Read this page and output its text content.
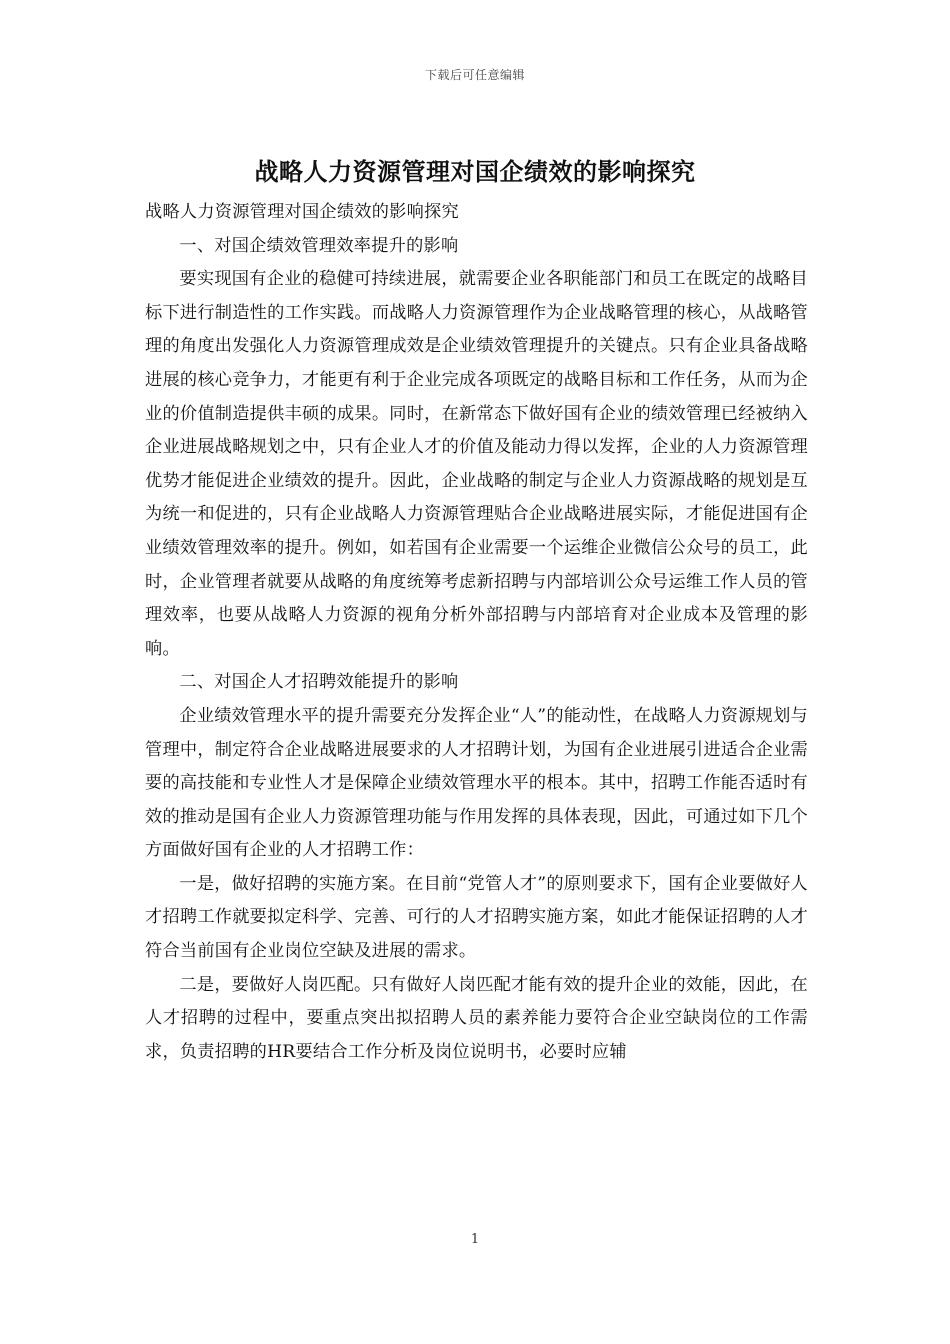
下载后可任意编辑
战略人力资源管理对国企绩效的影响探究

战略人力资源管理对国企绩效的影响探究

一、对国企绩效管理效率提升的影响

要实现国有企业的稳健可持续进展，就需要企业各职能部门和员工在既定的战略目标下进行制造性的工作实践。而战略人力资源管理作为企业战略管理的核心，从战略管理的角度出发强化人力资源管理成效是企业绩效管理提升的关键点。只有企业具备战略进展的核心竞争力，才能更有利于企业完成各项既定的战略目标和工作任务，从而为企业的价值制造提供丰硕的成果。同时，在新常态下做好国有企业的绩效管理已经被纳入企业进展战略规划之中，只有企业人才的价值及能动力得以发挥，企业的人力资源管理优势才能促进企业绩效的提升。因此，企业战略的制定与企业人力资源战略的规划是互为统一和促进的，只有企业战略人力资源管理贴合企业战略进展实际，才能促进国有企业绩效管理效率的提升。例如，如若国有企业需要一个运维企业微信公众号的员工，此时，企业管理者就要从战略的角度统筹考虑新招聘与内部培训公众号运维工作人员的管理效率，也要从战略人力资源的视角分析外部招聘与内部培育对企业成本及管理的影响。

二、对国企人才招聘效能提升的影响

企业绩效管理水平的提升需要充分发挥企业“人”的能动性，在战略人力资源规划与管理中，制定符合企业战略进展要求的人才招聘计划，为国有企业进展引进适合企业需要的高技能和专业性人才是保障企业绩效管理水平的根本。其中，招聘工作能否适时有效的推动是国有企业人力资源管理功能与作用发挥的具体表现，因此，可通过如下几个方面做好国有企业的人才招聘工作：

一是，做好招聘的实施方案。在目前“党管人才”的原则要求下，国有企业要做好人才招聘工作就要拟定科学、完善、可行的人才招聘实施方案，如此才能保证招聘的人才符合当前国有企业岗位空缺及进展的需求。

二是，要做好人岗匹配。只有做好人岗匹配才能有效的提升企业的效能，因此，在人才招聘的过程中，要重点突出拟招聘人员的素养能力要符合企业空缺岗位的工作需求，负责招聘的HR要结合工作分析及岗位说明书，必要时应辅

1
